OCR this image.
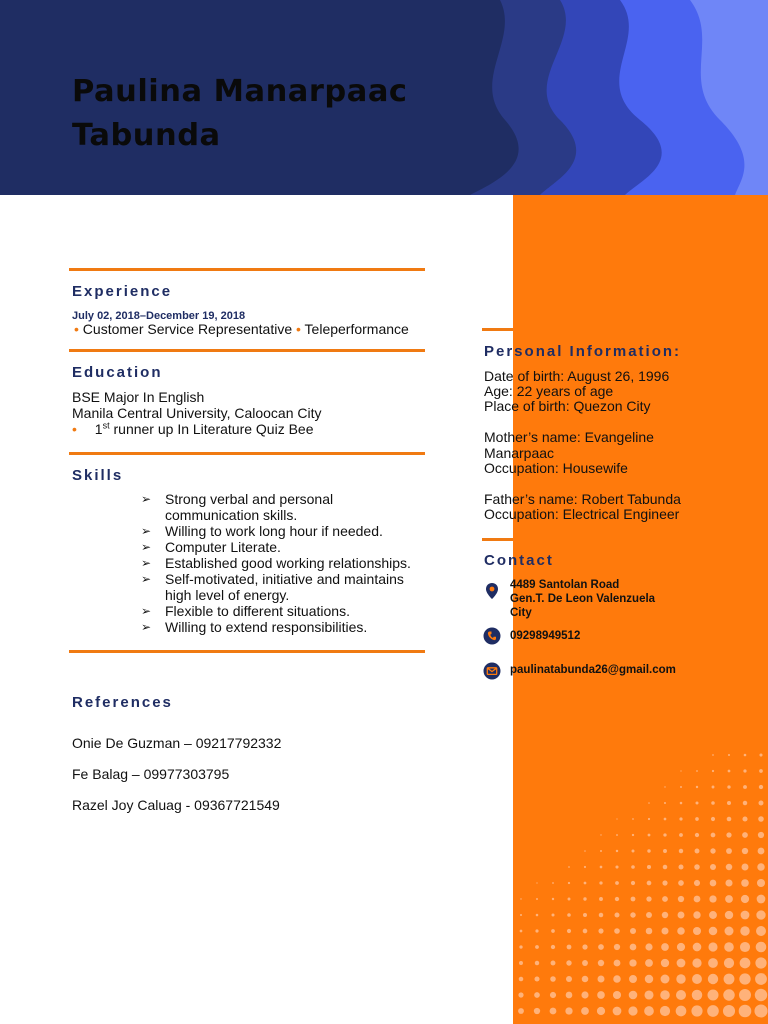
Paulina Manarpaac
Tabunda
Experience
July 02, 2018–December 19, 2018
• Customer Service Representative • Teleperformance
Education
BSE Major In English
Manila Central University, Caloocan City
• 1st runner up In Literature Quiz Bee
Skills
➢ Strong verbal and personal communication skills.
➢ Willing to work long hour if needed.
➢ Computer Literate.
➢ Established good working relationships.
➢ Self-motivated, initiative and maintains high level of energy.
➢ Flexible to different situations.
➢ Willing to extend responsibilities.
References
Onie De Guzman – 09217792332
Fe Balag – 09977303795
Razel Joy Caluag - 09367721549
Personal Information:
Date of birth: August 26, 1996
Age: 22 years of age
Place of birth: Quezon City
Mother’s name: Evangeline
Manarpaac
Occupation: Housewife
Father’s name: Robert Tabunda
Occupation: Electrical Engineer
Contact
4489 Santolan Road
Gen.T. De Leon Valenzuela
City
09298949512
paulinatabunda26@gmail.com
